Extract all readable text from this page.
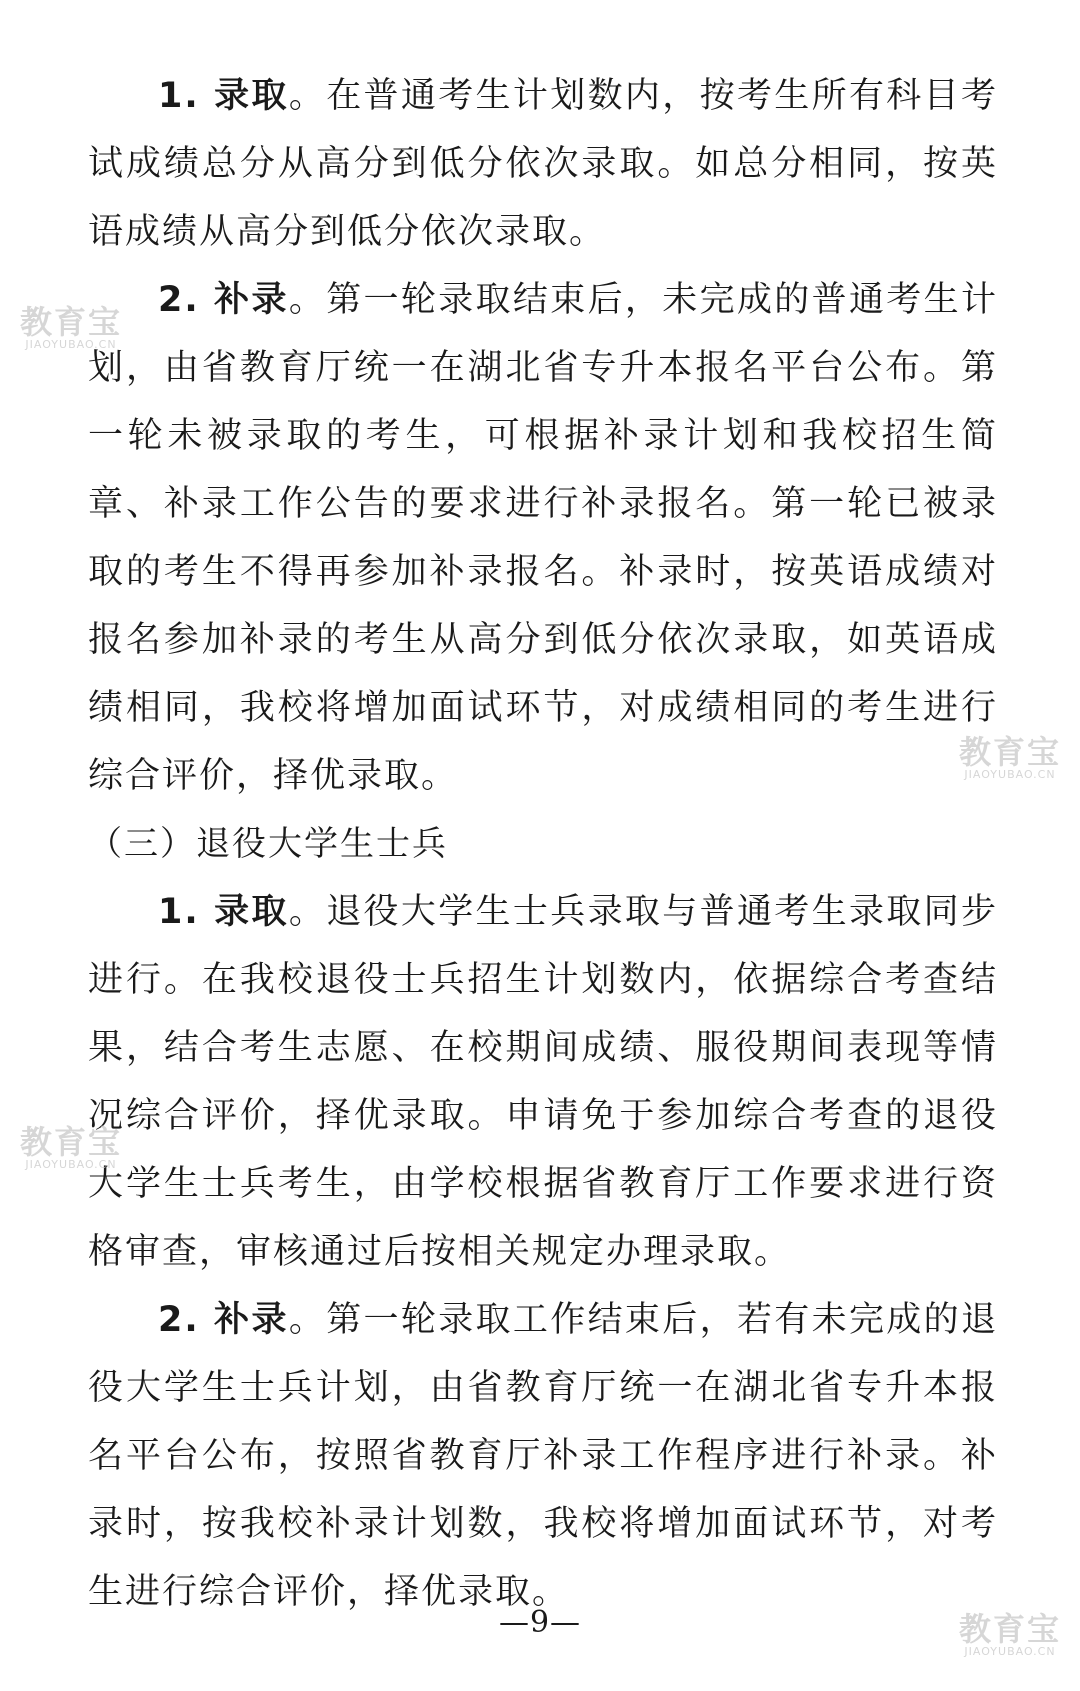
1. 录取。在普通考生计划数内，按考生所有科目考试成绩总分从高分到低分依次录取。如总分相同，按英语成绩从高分到低分依次录取。

2. 补录。第一轮录取结束后，未完成的普通考生计划，由省教育厅统一在湖北省专升本报名平台公布。第一轮未被录取的考生，可根据补录计划和我校招生简章、补录工作公告的要求进行补录报名。第一轮已被录取的考生不得再参加补录报名。补录时，按英语成绩对报名参加补录的考生从高分到低分依次录取，如英语成绩相同，我校将增加面试环节，对成绩相同的考生进行综合评价，择优录取。

（三）退役大学生士兵

1. 录取。退役大学生士兵录取与普通考生录取同步进行。在我校退役士兵招生计划数内，依据综合考查结果，结合考生志愿、在校期间成绩、服役期间表现等情况综合评价，择优录取。申请免于参加综合考查的退役大学生士兵考生，由学校根据省教育厅工作要求进行资格审查，审核通过后按相关规定办理录取。

2. 补录。第一轮录取工作结束后，若有未完成的退役大学生士兵计划，由省教育厅统一在湖北省专升本报名平台公布，按照省教育厅补录工作程序进行补录。补录时，按我校补录计划数，我校将增加面试环节，对考生进行综合评价，择优录取。

—9—
教育宝
JIAOYUBAO.CN
教育宝
JIAOYUBAO.CN
教育宝
JIAOYUBAO.CN
教育宝
JIAOYUBAO.CN
